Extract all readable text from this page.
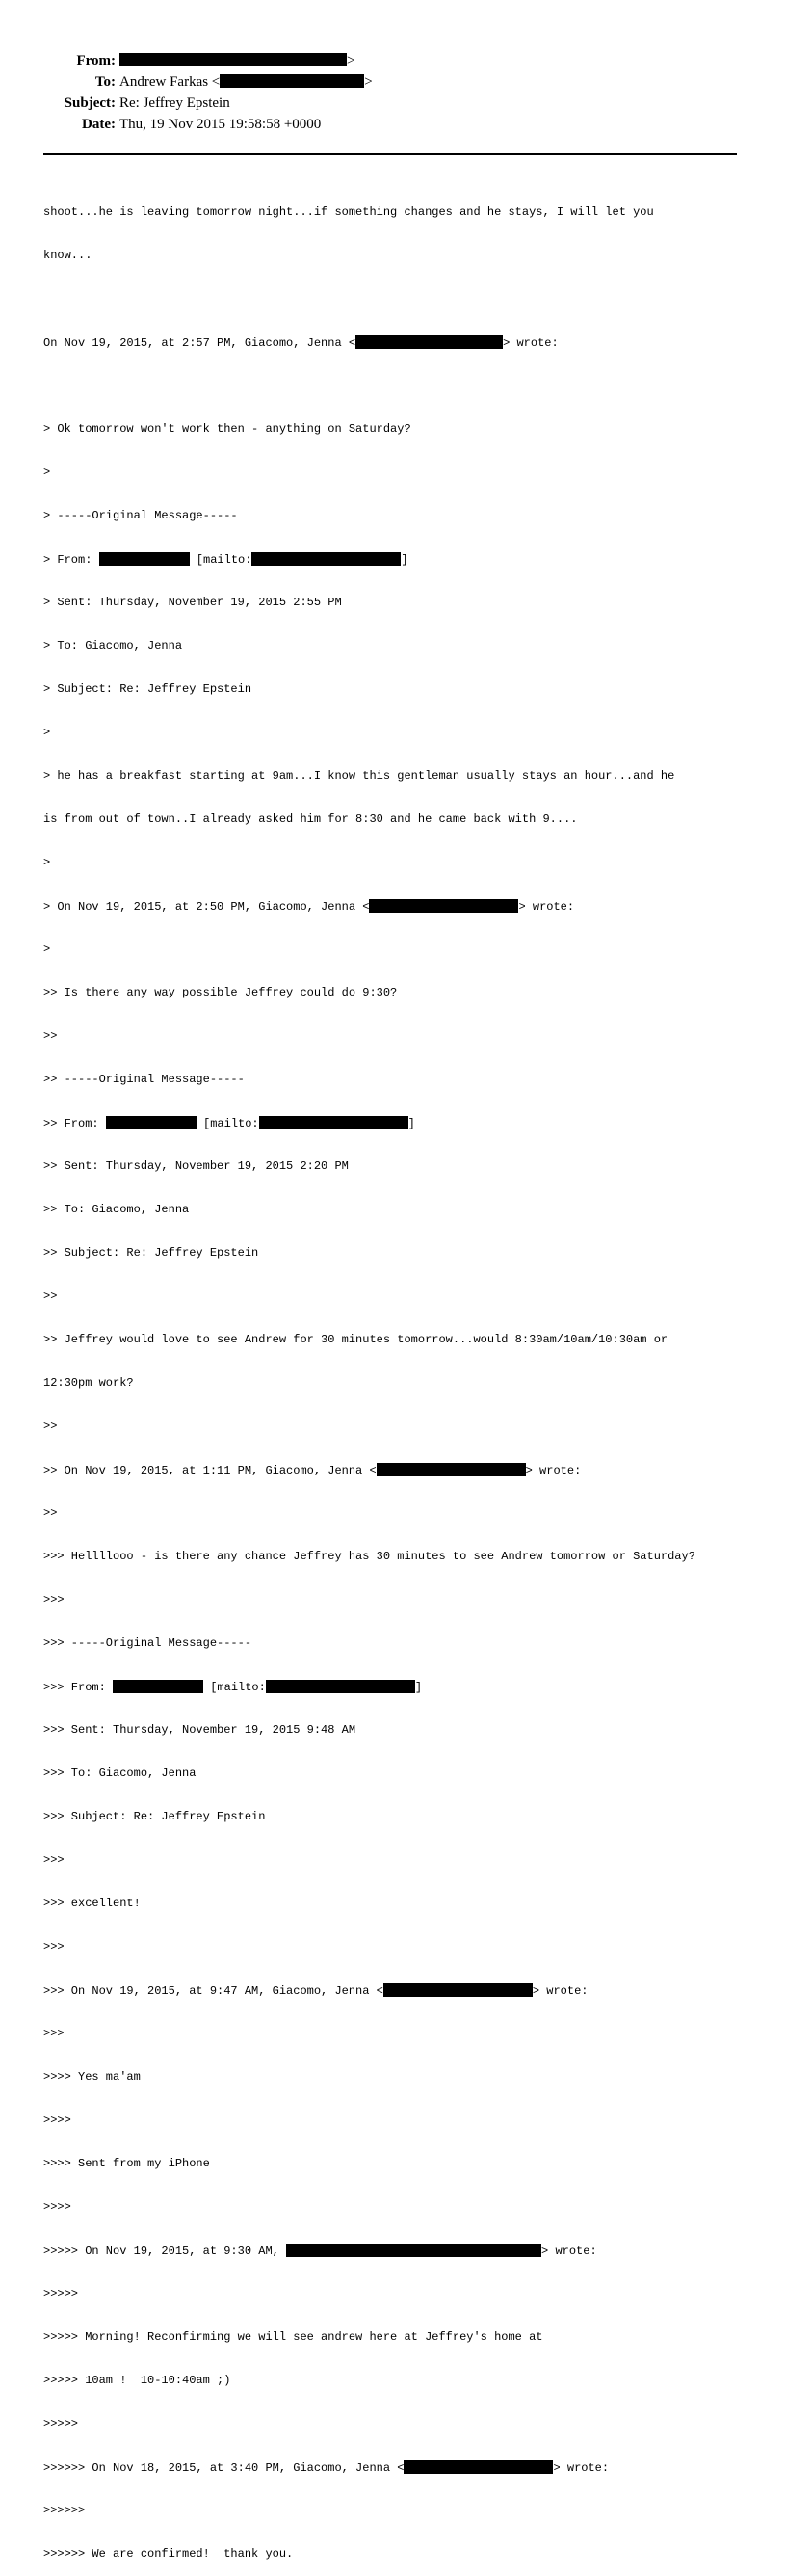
From:	>
To: Andrew Farkas <	>
Subject: Re: Jeffrey Epstein
Date: Thu, 19 Nov 2015 19:58:58 +0000

shoot...he is leaving tomorrow night...if something changes and he stays, I will let you

know...

On Nov 19, 2015, at 2:57 PM, Giacomo, Jenna <	> wrote:

> Ok tomorrow won't work then - anything on Saturday?

>

> -----Original Message-----

> From:	[mailto:	]

> Sent: Thursday, November 19, 2015 2:55 PM

> To: Giacomo, Jenna

> Subject: Re: Jeffrey Epstein

>

> he has a breakfast starting at 9am...I know this gentleman usually stays an hour...and he

is from out of town..I already asked him for 8:30 and he came back with 9....

>

> On Nov 19, 2015, at 2:50 PM, Giacomo, Jenna <	> wrote:

>

>> Is there any way possible Jeffrey could do 9:30?

>>

>> -----Original Message-----

>> From:	[mailto:	]

>> Sent: Thursday, November 19, 2015 2:20 PM

>> To: Giacomo, Jenna

>> Subject: Re: Jeffrey Epstein

>>

>> Jeffrey would love to see Andrew for 30 minutes tomorrow...would 8:30am/10am/10:30am or

12:30pm work?

>>

>> On Nov 19, 2015, at 1:11 PM, Giacomo, Jenna <	> wrote:

>>

>>> Hellllooo - is there any chance Jeffrey has 30 minutes to see Andrew tomorrow or Saturday?

>>>

>>> -----Original Message-----

>>> From:	[mailto:	]

>>> Sent: Thursday, November 19, 2015 9:48 AM

>>> To: Giacomo, Jenna

>>> Subject: Re: Jeffrey Epstein

>>>

>>> excellent!

>>>

>>> On Nov 19, 2015, at 9:47 AM, Giacomo, Jenna <	> wrote:

>>>

>>>> Yes ma'am

>>>>

>>>> Sent from my iPhone

>>>>

>>>>> On Nov 19, 2015, at 9:30 AM,	> wrote:

>>>>>

>>>>> Morning! Reconfirming we will see andrew here at Jeffrey's home at

>>>>> 10am !  10-10:40am ;)

>>>>>

>>>>>> On Nov 18, 2015, at 3:40 PM, Giacomo, Jenna <	> wrote:

>>>>>>

>>>>>> We are confirmed!  thank you.
